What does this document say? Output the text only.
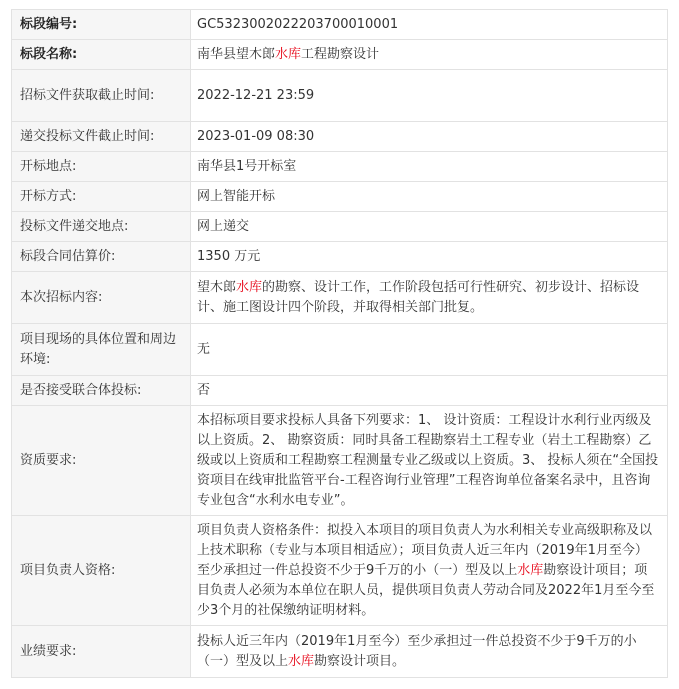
标段编号:	GC5323002022203700010001
标段名称:	南华县望木郎水库工程勘察设计
招标文件获取截止时间:	2022-12-21 23:59
递交投标文件截止时间:	2023-01-09 08:30
开标地点:	南华县1号开标室
开标方式:	网上智能开标
投标文件递交地点:	网上递交
标段合同估算价:	1350 万元
本次招标内容:	望木郎水库的勘察、设计工作，工作阶段包括可行性研究、初步设计、招标设计、施工图设计四个阶段，并取得相关部门批复。
项目现场的具体位置和周边环境:	无
是否接受联合体投标:	否
资质要求:	本招标项目要求投标人具备下列要求：1、 设计资质：工程设计水利行业丙级及以上资质。2、 勘察资质：同时具备工程勘察岩土工程专业（岩土工程勘察）乙级或以上资质和工程勘察工程测量专业乙级或以上资质。3、 投标人须在“全国投资项目在线审批监管平台-工程咨询行业管理”工程咨询单位备案名录中，且咨询专业包含“水利水电专业”。
项目负责人资格:	项目负责人资格条件：拟投入本项目的项目负责人为水利相关专业高级职称及以上技术职称（专业与本项目相适应）；项目负责人近三年内（2019年1月至今）至少承担过一件总投资不少于9千万的小（一）型及以上水库勘察设计项目；项目负责人必须为本单位在职人员，提供项目负责人劳动合同及2022年1月至今至少3个月的社保缴纳证明材料。
业绩要求:	投标人近三年内（2019年1月至今）至少承担过一件总投资不少于9千万的小（一）型及以上水库勘察设计项目。
